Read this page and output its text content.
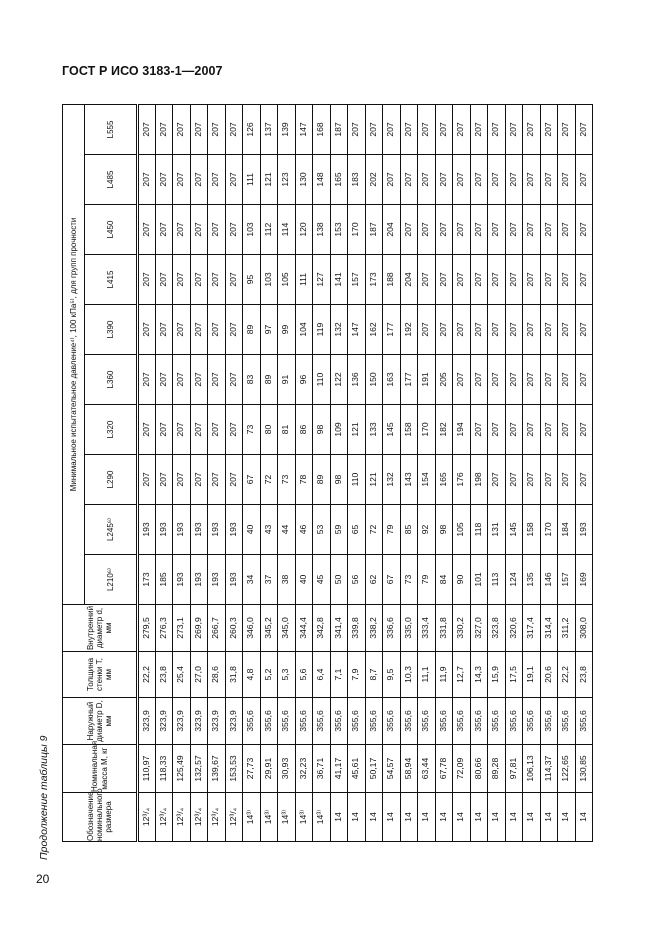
ГОСТ Р ИСО 3183-1—2007
20
Продолжение таблицы 9	Обозначение номинального размера	Номинальная масса M, кг	Наружный диаметр D, мм	Толщина стенки T, мм	Внутренний диаметр d, мм	Минимальное испытательное давление⁴⁾, 100 кПа⁵⁾, для групп прочности									
					L210⁶⁾	L245⁶⁾	L290	L320	L360	L390	L415	L450	L485	L555
12³/₄	110,97	323,9	22,2	279,5	173	193	207	207	207	207	207	207	207	207
12³/₄	118,33	323,9	23,8	276,3	185	193	207	207	207	207	207	207	207	207
12³/₄	125,49	323,9	25,4	273,1	193	193	207	207	207	207	207	207	207	207
12³/₄	132,57	323,9	27,0	269,9	193	193	207	207	207	207	207	207	207	207
12³/₄	139,67	323,9	28,6	266,7	193	193	207	207	207	207	207	207	207	207
12³/₄	153,53	323,9	31,8	260,3	193	193	207	207	207	207	207	207	207	207
14³⁾	27,73	355,6	4,8	346,0	34	40	67	73	83	89	95	103	111	126
14³⁾	29,91	355,6	5,2	345,2	37	43	72	80	89	97	103	112	121	137
14³⁾	30,93	355,6	5,3	345,0	38	44	73	81	91	99	105	114	123	139
14³⁾	32,23	355,6	5,6	344,4	40	46	78	86	96	104	111	120	130	147
14³⁾	36,71	355,6	6,4	342,8	45	53	89	98	110	119	127	138	148	168
14	41,17	355,6	7,1	341,4	50	59	98	109	122	132	141	153	165	187
14	45,61	355,6	7,9	339,8	56	65	110	121	136	147	157	170	183	207
14	50,17	355,6	8,7	338,2	62	72	121	133	150	162	173	187	202	207
14	54,57	355,6	9,5	336,6	67	79	132	145	163	177	188	204	207	207
14	58,94	355,6	10,3	335,0	73	85	143	158	177	192	204	207	207	207
14	63,44	355,6	11,1	333,4	79	92	154	170	191	207	207	207	207	207
14	67,78	355,6	11,9	331,8	84	98	165	182	205	207	207	207	207	207
14	72,09	355,6	12,7	330,2	90	105	176	194	207	207	207	207	207	207
14	80,66	355,6	14,3	327,0	101	118	198	207	207	207	207	207	207	207
14	89,28	355,6	15,9	323,8	113	131	207	207	207	207	207	207	207	207
14	97,81	355,6	17,5	320,6	124	145	207	207	207	207	207	207	207	207
14	106,13	355,6	19,1	317,4	135	158	207	207	207	207	207	207	207	207
14	114,37	355,6	20,6	314,4	146	170	207	207	207	207	207	207	207	207
14	122,65	355,6	22,2	311,2	157	184	207	207	207	207	207	207	207	207
14	130,85	355,6	23,8	308,0	169	193	207	207	207	207	207	207	207	207
